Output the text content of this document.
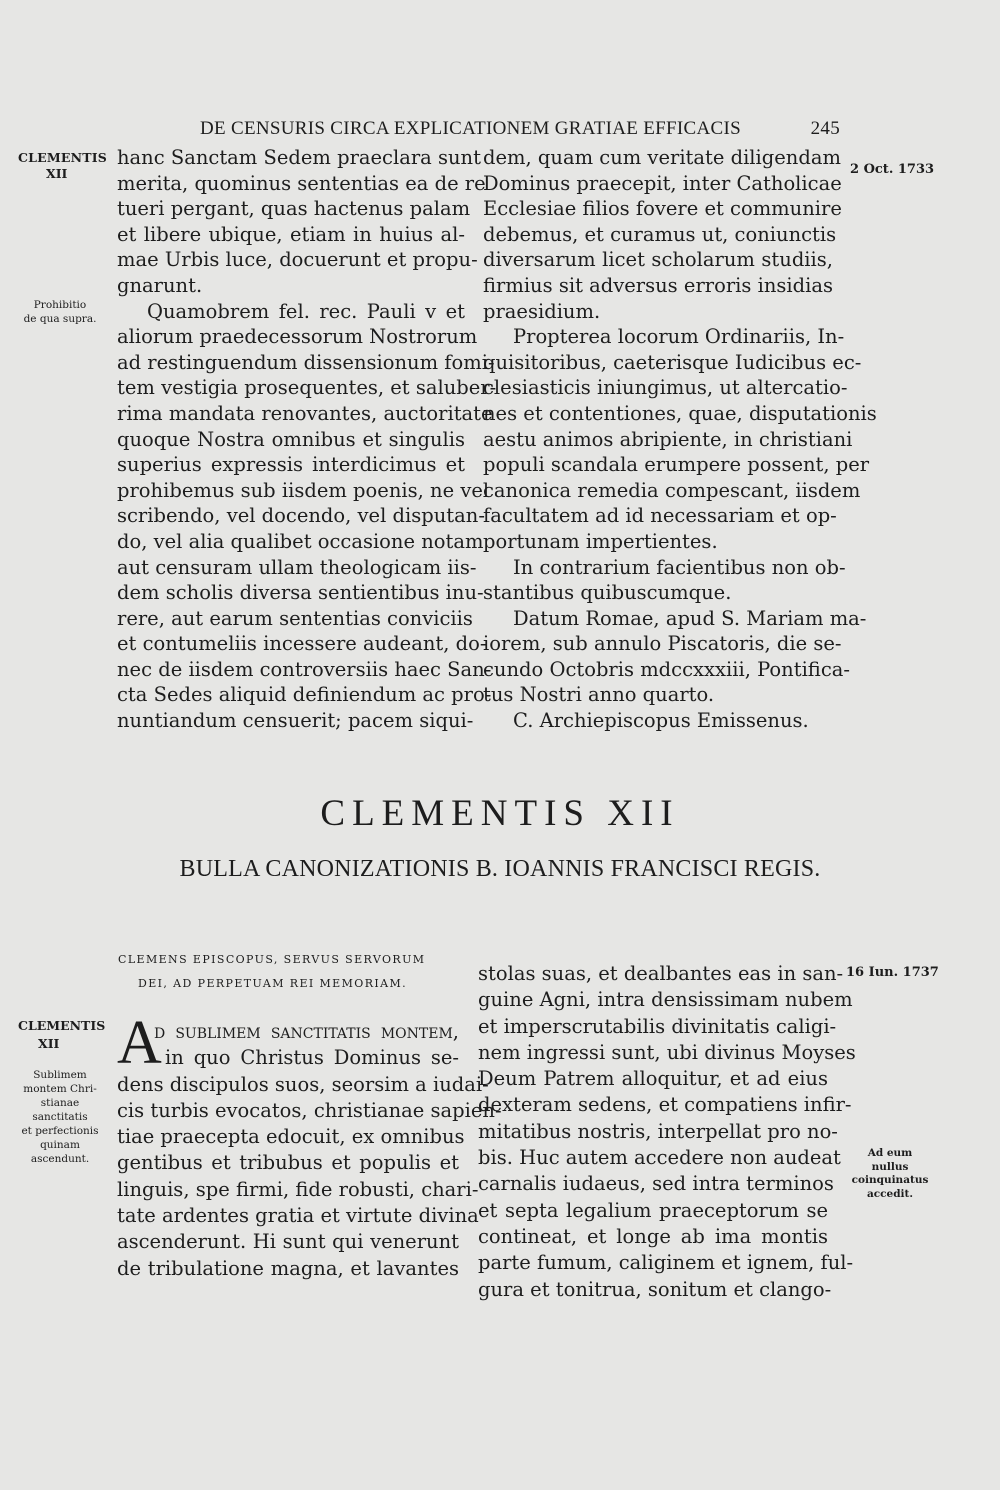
DE CENSURIS CIRCA EXPLICATIONEM GRATIAE EFFICACIS	245
CLEMENTIS
XII
Prohibitio
de qua supra.
2 Oct. 1733
hanc Sanctam Sedem praeclara sunt
merita, quominus sententias ea de re
tueri pergant, quas hactenus palam
et libere ubique, etiam in huius al-
mae Urbis luce, docuerunt et propu-
gnarunt.
Quamobrem fel. rec. Pauli v et
aliorum praedecessorum Nostrorum
ad restinguendum dissensionum fomi-
tem vestigia prosequentes, et saluber-
rima mandata renovantes, auctoritate
quoque Nostra omnibus et singulis
superius expressis interdicimus et
prohibemus sub iisdem poenis, ne vel
scribendo, vel docendo, vel disputan-
do, vel alia qualibet occasione notam
aut censuram ullam theologicam iis-
dem scholis diversa sentientibus inu-
rere, aut earum sententias conviciis
et contumeliis incessere audeant, do-
nec de iisdem controversiis haec San-
cta Sedes aliquid definiendum ac pro-
nuntiandum censuerit; pacem siqui-
dem, quam cum veritate diligendam
Dominus praecepit, inter Catholicae
Ecclesiae filios fovere et communire
debemus, et curamus ut, coniunctis
diversarum licet scholarum studiis,
firmius sit adversus erroris insidias
praesidium.
Propterea locorum Ordinariis, In-
quisitoribus, caeterisque Iudicibus ec-
clesiasticis iniungimus, ut altercatio-
nes et contentiones, quae, disputationis
aestu animos abripiente, in christiani
populi scandala erumpere possent, per
canonica remedia compescant, iisdem
facultatem ad id necessariam et op-
portunam impertientes.
In contrarium facientibus non ob-
stantibus quibuscumque.
Datum Romae, apud S. Mariam ma-
iorem, sub annulo Piscatoris, die se-
cundo Octobris mdccxxxiii, Pontifica-
tus Nostri anno quarto.
C. Archiepiscopus Emissenus.
CLEMENTIS XII
BULLA CANONIZATIONIS B. IOANNIS FRANCISCI REGIS.
CLEMENS EPISCOPUS, SERVUS SERVORUM
DEI, AD PERPETUAM REI MEMORIAM.
CLEMENTIS
XII
Sublimem
montem Chri-
stianae
sanctitatis
et perfectionis
quinam
ascendunt.
16 Iun. 1737
Ad eum
nullus
coinquinatus
accedit.
A
d sublimem sanctitatis montem,
in quo Christus Dominus se-
dens discipulos suos, seorsim a iudai-
cis turbis evocatos, christianae sapien-
tiae praecepta edocuit, ex omnibus
gentibus et tribubus et populis et
linguis, spe firmi, fide robusti, chari-
tate ardentes gratia et virtute divina
ascenderunt. Hi sunt qui venerunt
de tribulatione magna, et lavantes
stolas suas, et dealbantes eas in san-
guine Agni, intra densissimam nubem
et imperscrutabilis divinitatis caligi-
nem ingressi sunt, ubi divinus Moyses
Deum Patrem alloquitur, et ad eius
dexteram sedens, et compatiens infir-
mitatibus nostris, interpellat pro no-
bis. Huc autem accedere non audeat
carnalis iudaeus, sed intra terminos
et septa legalium praeceptorum se
contineat, et longe ab ima montis
parte fumum, caliginem et ignem, ful-
gura et tonitrua, sonitum et clango-
